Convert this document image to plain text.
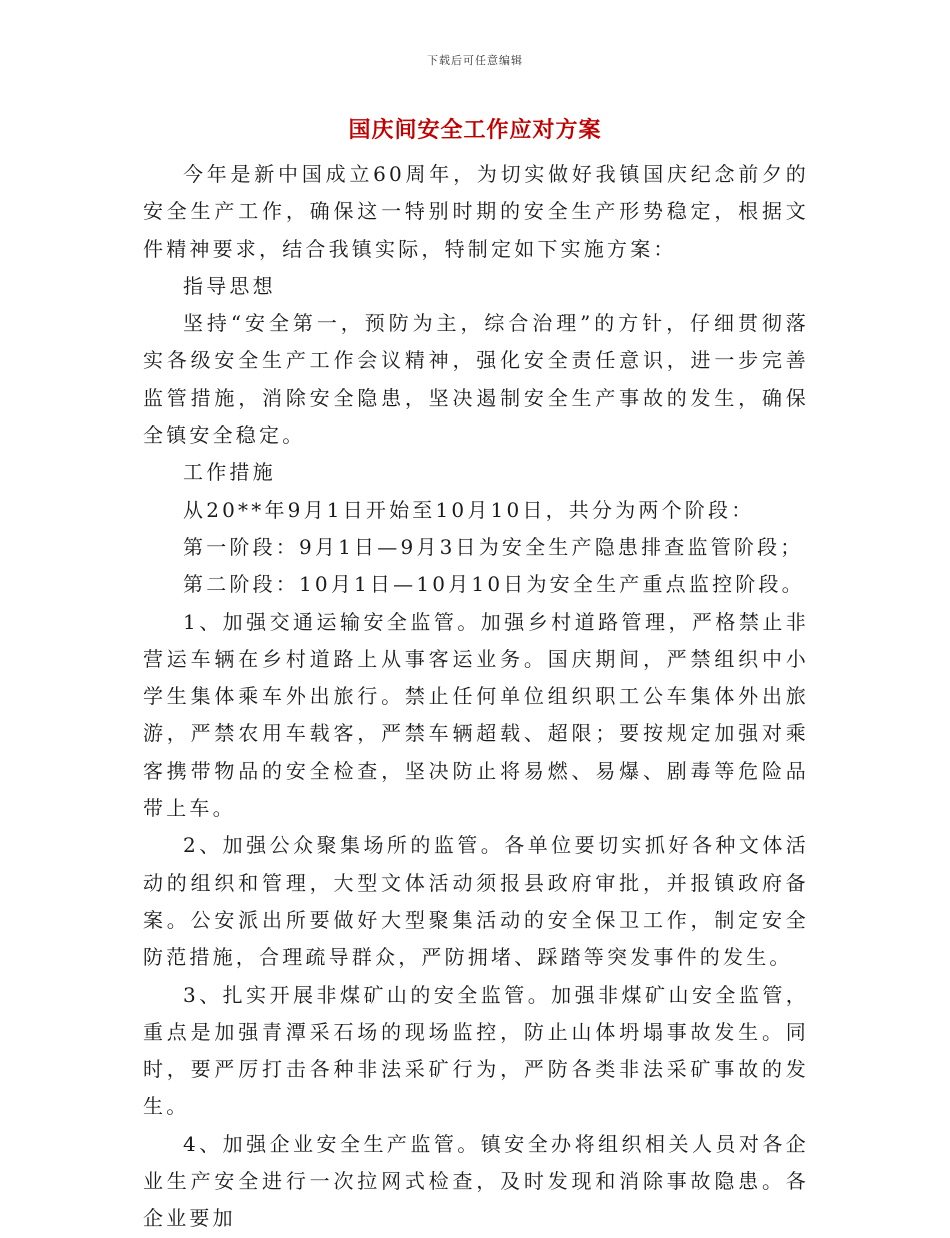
下载后可任意编辑
国庆间安全工作应对方案

今年是新中国成立60周年，为切实做好我镇国庆纪念前夕的安全生产工作，确保这一特别时期的安全生产形势稳定，根据文件精神要求，结合我镇实际，特制定如下实施方案：

指导思想

坚持“安全第一，预防为主，综合治理”的方针，仔细贯彻落实各级安全生产工作会议精神，强化安全责任意识，进一步完善监管措施，消除安全隐患，坚决遏制安全生产事故的发生，确保全镇安全稳定。

工作措施

从20**年9月1日开始至10月10日，共分为两个阶段：

第一阶段：9月1日—9月3日为安全生产隐患排查监管阶段；

第二阶段：10月1日—10月10日为安全生产重点监控阶段。

1、加强交通运输安全监管。加强乡村道路管理，严格禁止非营运车辆在乡村道路上从事客运业务。国庆期间，严禁组织中小学生集体乘车外出旅行。禁止任何单位组织职工公车集体外出旅游，严禁农用车载客，严禁车辆超载、超限；要按规定加强对乘客携带物品的安全检查，坚决防止将易燃、易爆、剧毒等危险品带上车。

2、加强公众聚集场所的监管。各单位要切实抓好各种文体活动的组织和管理，大型文体活动须报县政府审批，并报镇政府备案。公安派出所要做好大型聚集活动的安全保卫工作，制定安全防范措施，合理疏导群众，严防拥堵、踩踏等突发事件的发生。

3、扎实开展非煤矿山的安全监管。加强非煤矿山安全监管，重点是加强青潭采石场的现场监控，防止山体坍塌事故发生。同时，要严厉打击各种非法采矿行为，严防各类非法采矿事故的发生。

4、加强企业安全生产监管。镇安全办将组织相关人员对各企业生产安全进行一次拉网式检查，及时发现和消除事故隐患。各企业要加
